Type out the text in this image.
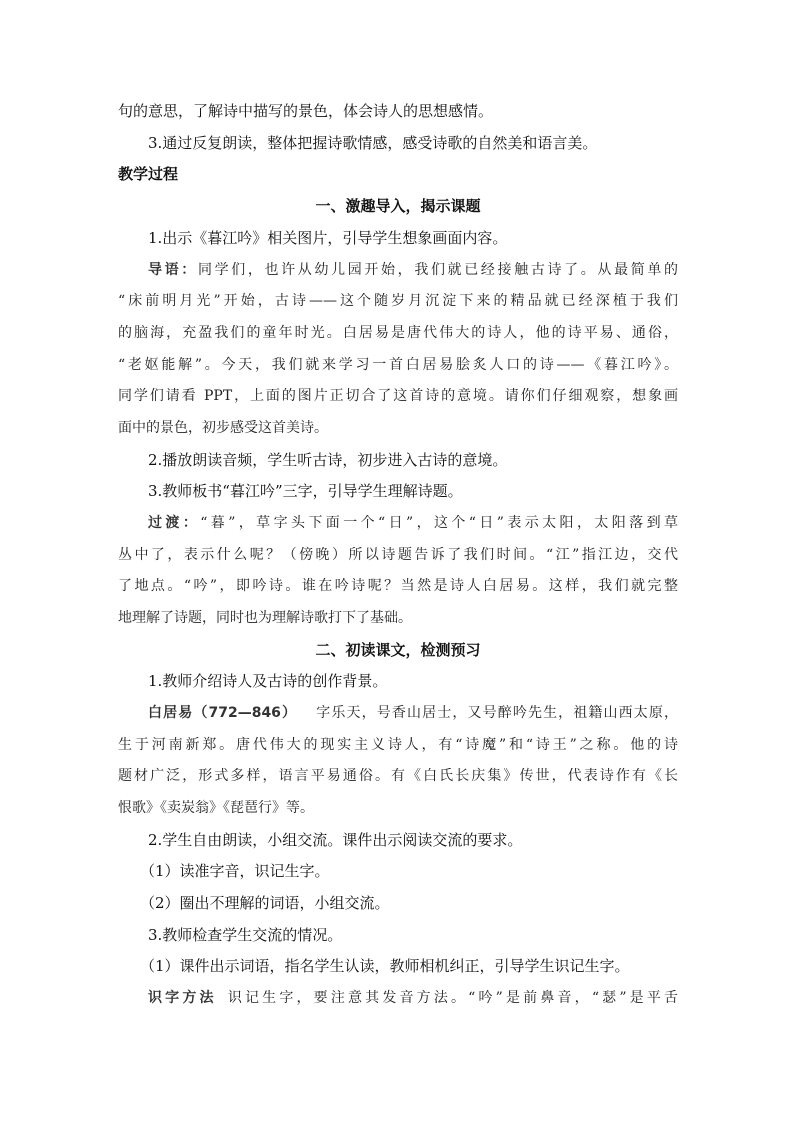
句的意思，了解诗中描写的景色，体会诗人的思想感情。
3.通过反复朗读，整体把握诗歌情感，感受诗歌的自然美和语言美。
教学过程
一、激趣导入，揭示课题
1.出示《暮江吟》相关图片，引导学生想象画面内容。
导语：同学们，也许从幼儿园开始，我们就已经接触古诗了。从最简单的
“床前明月光”开始，古诗——这个随岁月沉淀下来的精品就已经深植于我们
的脑海，充盈我们的童年时光。白居易是唐代伟大的诗人，他的诗平易、通俗，
“老妪能解”。今天，我们就来学习一首白居易脍炙人口的诗——《暮江吟》。
同学们请看 PPT，上面的图片正切合了这首诗的意境。请你们仔细观察，想象画
面中的景色，初步感受这首美诗。
2.播放朗读音频，学生听古诗，初步进入古诗的意境。
3.教师板书“暮江吟”三字，引导学生理解诗题。
过渡：“暮”，草字头下面一个“日”，这个“日”表示太阳，太阳落到草
丛中了，表示什么呢？（傍晚）所以诗题告诉了我们时间。“江”指江边，交代
了地点。“吟”，即吟诗。谁在吟诗呢？当然是诗人白居易。这样，我们就完整
地理解了诗题，同时也为理解诗歌打下了基础。
二、初读课文，检测预习
1.教师介绍诗人及古诗的创作背景。
白居易（772—846） 字乐天，号香山居士，又号醉吟先生，祖籍山西太原，
生于河南新郑。唐代伟大的现实主义诗人，有“诗魔”和“诗王”之称。他的诗
题材广泛，形式多样，语言平易通俗。有《白氏长庆集》传世，代表诗作有《长
恨歌》《卖炭翁》《琵琶行》等。
2.学生自由朗读，小组交流。课件出示阅读交流的要求。
（1）读准字音，识记生字。
（2）圈出不理解的词语，小组交流。
3.教师检查学生交流的情况。
（1）课件出示词语，指名学生认读，教师相机纠正，引导学生识记生字。
识字方法 识记生字，要注意其发音方法。“吟”是前鼻音，“瑟”是平舌
